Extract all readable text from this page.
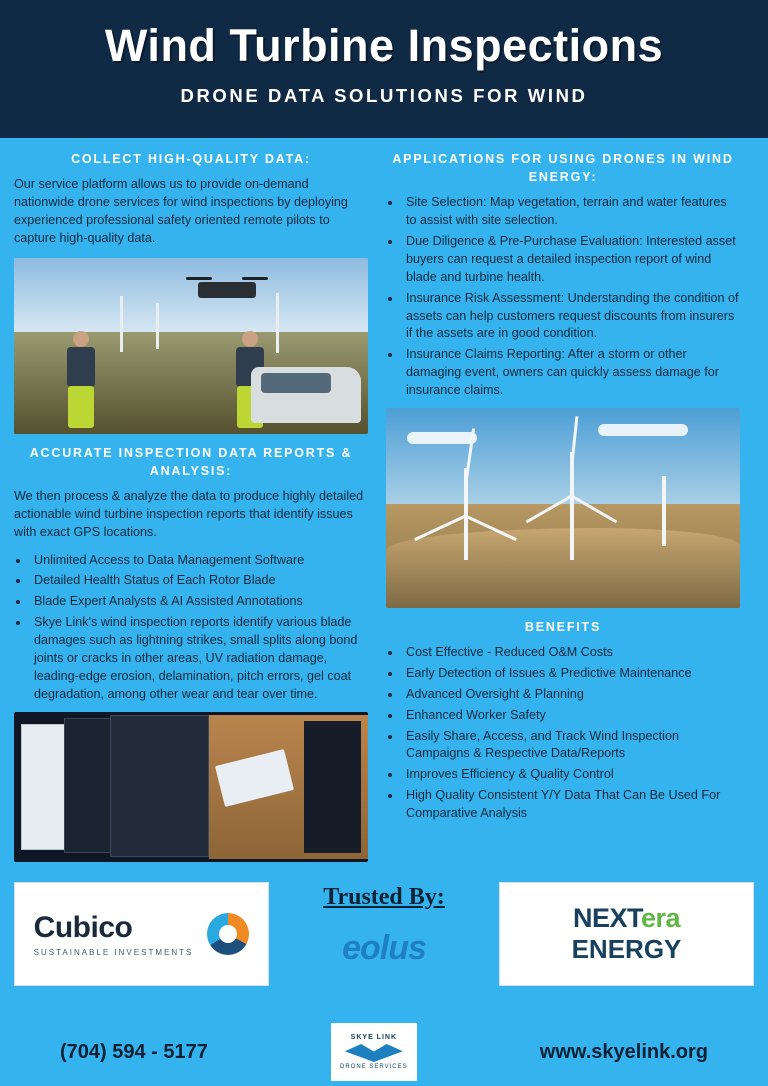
Wind Turbine Inspections
DRONE DATA SOLUTIONS FOR WIND
COLLECT HIGH-QUALITY DATA:

Our service platform allows us to provide on-demand nationwide drone services for wind inspections by deploying experienced professional safety oriented remote pilots to capture high-quality data.

ACCURATE INSPECTION DATA REPORTS & ANALYSIS:

We then process & analyze the data to produce highly detailed actionable wind turbine inspection reports that identify issues with exact GPS locations.

• Unlimited Access to Data Management Software
• Detailed Health Status of Each Rotor Blade
• Blade Expert Analysts & AI Assisted Annotations
• Skye Link's wind inspection reports identify various blade damages such as lightning strikes, small splits along bond joints or cracks in other areas, UV radiation damage, leading-edge erosion, delamination, pitch errors, gel coat degradation, among other wear and tear over time.
APPLICATIONS FOR USING DRONES IN WIND ENERGY:
• Site Selection: Map vegetation, terrain and water features to assist with site selection.
• Due Diligence & Pre-Purchase Evaluation: Interested asset buyers can request a detailed inspection report of wind blade and turbine health.
• Insurance Risk Assessment: Understanding the condition of assets can help customers request discounts from insurers if the assets are in good condition.
• Insurance Claims Reporting: After a storm or other damaging event, owners can quickly assess damage for insurance claims.
BENEFITS
• Cost Effective - Reduced O&M Costs
• Early Detection of Issues & Predictive Maintenance
• Advanced Oversight & Planning
• Enhanced Worker Safety
• Easily Share, Access, and Track Wind Inspection Campaigns & Respective Data/Reports
• Improves Efficiency & Quality Control
• High Quality Consistent Y/Y Data That Can Be Used For Comparative Analysis
Cubico
SUSTAINABLE INVESTMENTS
Trusted By:
eolus
NEXTera
ENERGY
(704) 594 - 5177
SKYE LINK
DRONE SERVICES
www.skyelink.org
